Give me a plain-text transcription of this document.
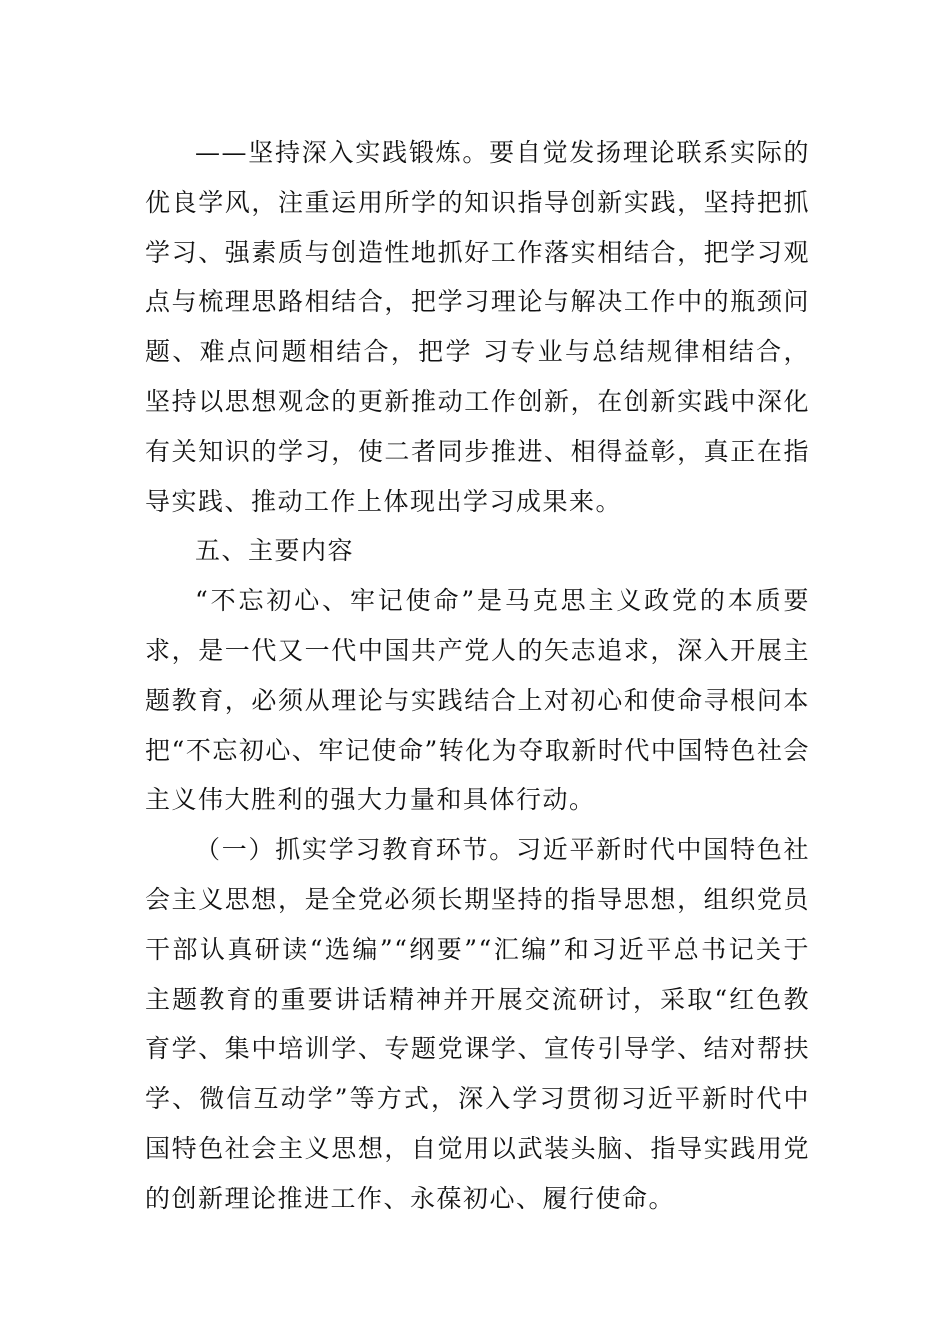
——坚持深入实践锻炼。要自觉发扬理论联系实际的优良学风，注重运用所学的知识指导创新实践，坚持把抓学习、强素质与创造性地抓好工作落实相结合，把学习观点与梳理思路相结合，把学习理论与解决工作中的瓶颈问题、难点问题相结合，把学 习专业与总结规律相结合，坚持以思想观念的更新推动工作创新，在创新实践中深化有关知识的学习，使二者同步推进、相得益彰，真正在指导实践、推动工作上体现出学习成果来。

五、主要内容

“不忘初心、牢记使命”是马克思主义政党的本质要求，是一代又一代中国共产党人的矢志追求，深入开展主题教育，必须从理论与实践结合上对初心和使命寻根问本把“不忘初心、牢记使命”转化为夺取新时代中国特色社会主义伟大胜利的强大力量和具体行动。

（一）抓实学习教育环节。习近平新时代中国特色社会主义思想，是全党必须长期坚持的指导思想，组织党员干部认真研读“选编”“纲要”“汇编”和习近平总书记关于主题教育的重要讲话精神并开展交流研讨，采取“红色教育学、集中培训学、专题党课学、宣传引导学、结对帮扶学、微信互动学”等方式，深入学习贯彻习近平新时代中国特色社会主义思想，自觉用以武装头脑、指导实践用党的创新理论推进工作、永葆初心、履行使命。
